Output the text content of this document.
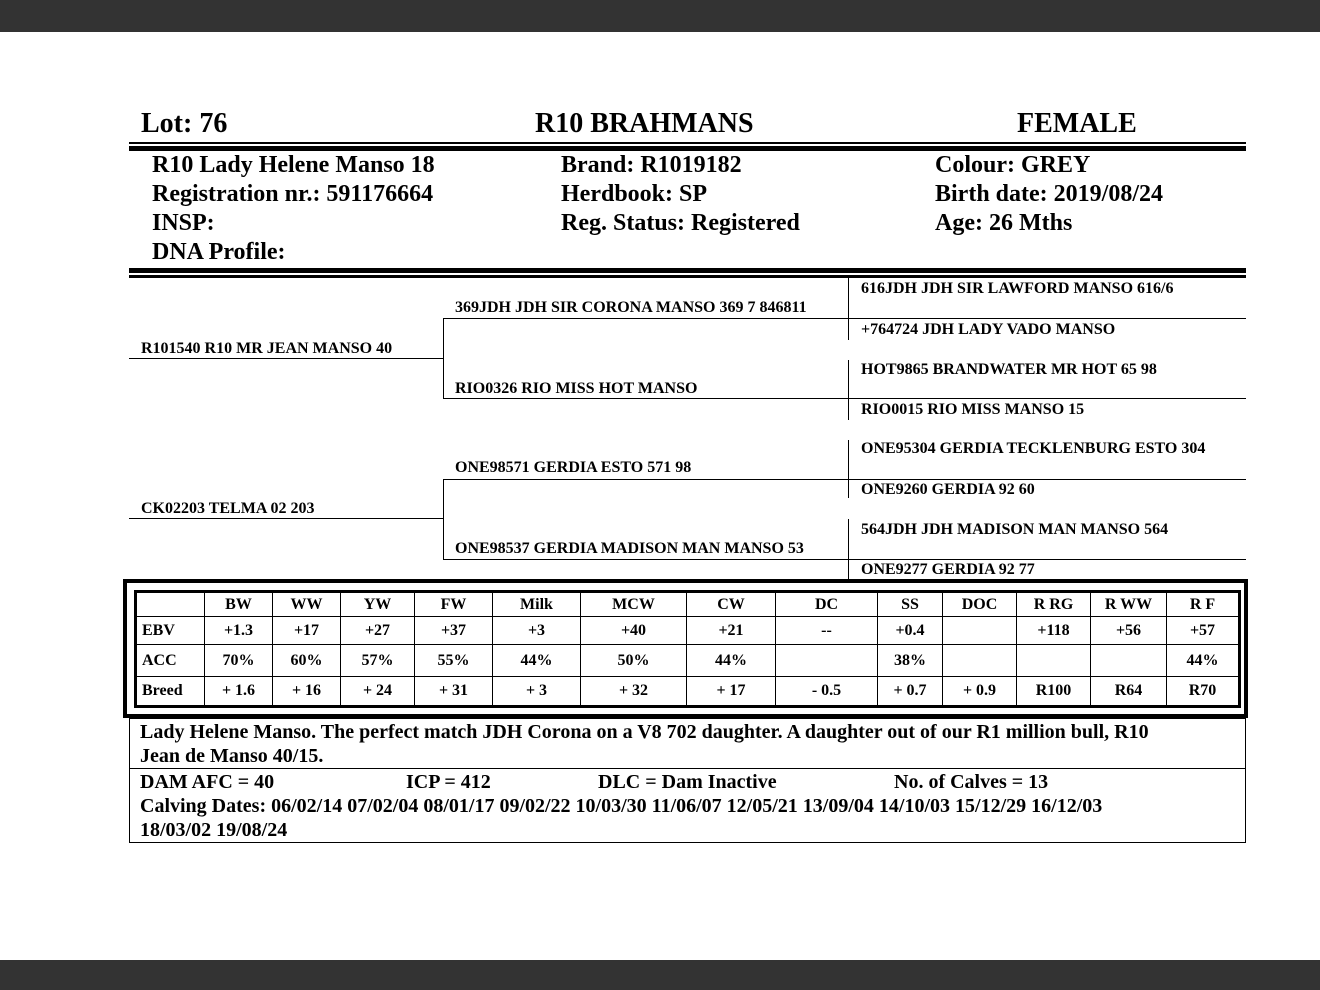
Lot: 76	R10 BRAHMANS	FEMALE
R10 Lady Helene Manso 18
Registration nr.: 591176664
INSP:
DNA Profile:
Brand: R1019182
Herdbook: SP
Reg. Status: Registered
Colour: GREY
Birth date: 2019/08/24
Age: 26 Mths
R101540 R10 MR JEAN MANSO 40
CK02203 TELMA 02 203
369JDH JDH SIR CORONA MANSO 369 7 846811
RIO0326 RIO MISS HOT MANSO
ONE98571 GERDIA ESTO 571 98
ONE98537 GERDIA MADISON MAN MANSO 53
616JDH JDH SIR LAWFORD MANSO 616/6
+764724 JDH LADY VADO MANSO
HOT9865 BRANDWATER MR HOT 65 98
RIO0015 RIO MISS MANSO 15
ONE95304 GERDIA TECKLENBURG ESTO 304
ONE9260 GERDIA 92 60
564JDH JDH MADISON MAN MANSO 564
ONE9277 GERDIA 92 77
	BW	WW	YW	FW	Milk	MCW	CW	DC	SS	DOC	R RG	R WW	R F
EBV	+1.3	+17	+27	+37	+3	+40	+21	--	+0.4		+118	+56	+57
ACC	70%	60%	57%	55%	44%	50%	44%		38%				44%
Breed	+ 1.6	+ 16	+ 24	+ 31	+ 3	+ 32	+ 17	- 0.5	+ 0.7	+ 0.9	R100	R64	R70
Lady Helene Manso. The perfect match JDH Corona on a V8 702 daughter. A daughter out of our R1 million bull, R10
Jean de Manso 40/15.
DAM AFC = 40	ICP = 412	DLC = Dam Inactive	No. of Calves = 13
Calving Dates: 06/02/14 07/02/04 08/01/17 09/02/22 10/03/30 11/06/07 12/05/21 13/09/04 14/10/03 15/12/29 16/12/03
18/03/02 19/08/24
